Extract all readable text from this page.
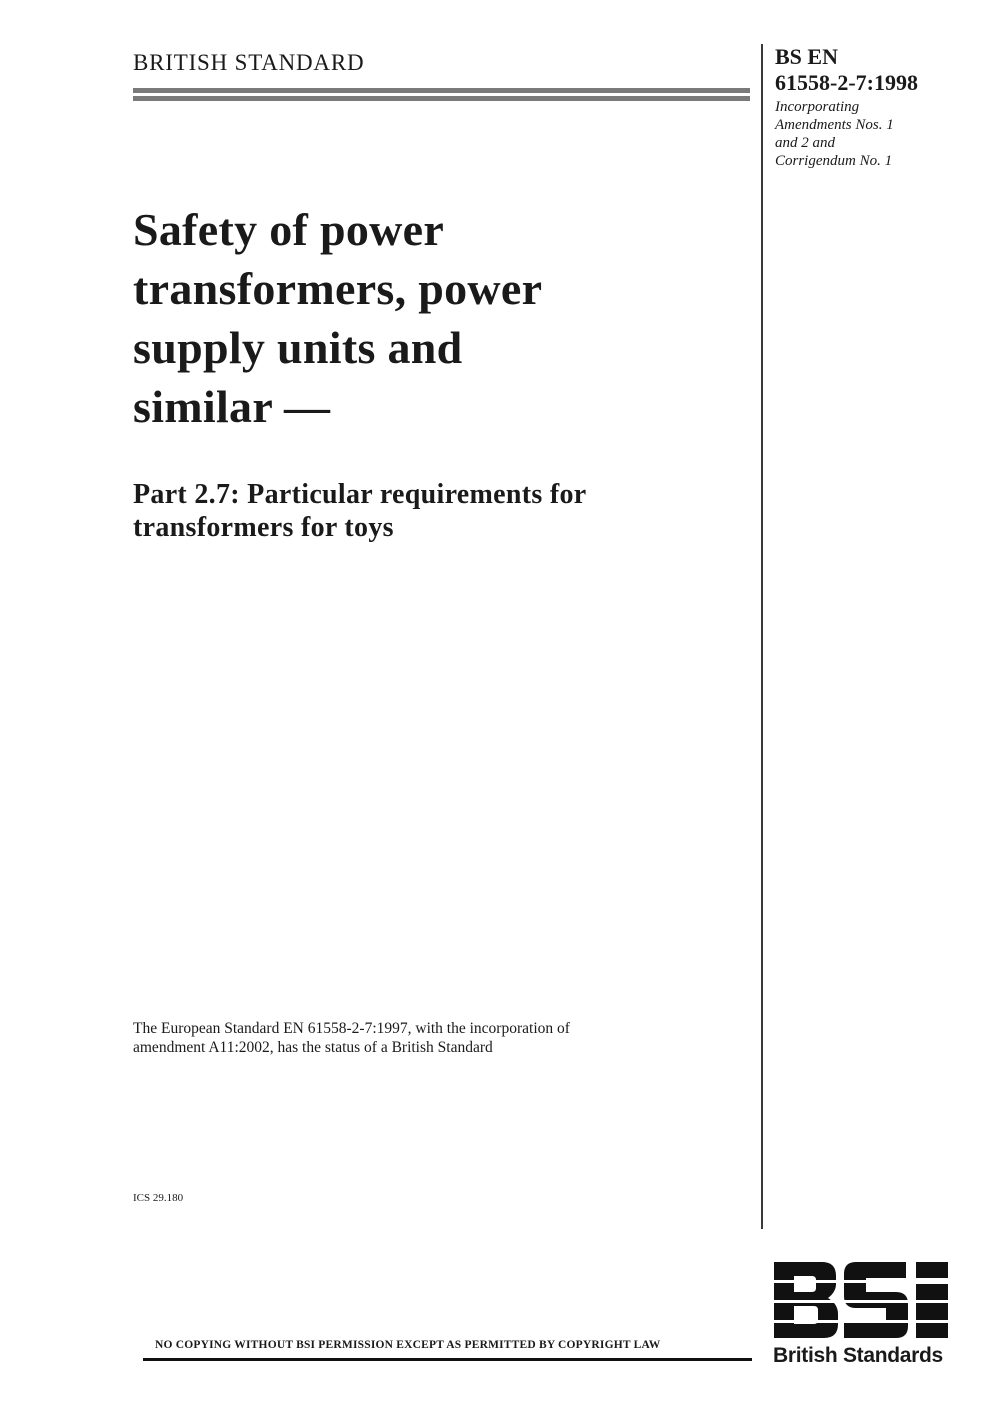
BRITISH STANDARD	BS EN
61558-2-7:1998
Incorporating
Amendments Nos. 1
and 2 and
Corrigendum No. 1
Safety of power
transformers, power
supply units and
similar —
Part 2.7: Particular requirements for
transformers for toys
The European Standard EN 61558-2-7:1997, with the incorporation of
amendment A11:2002, has the status of a British Standard
ICS 29.180
NO COPYING WITHOUT BSI PERMISSION EXCEPT AS PERMITTED BY COPYRIGHT LAW	British Standards
